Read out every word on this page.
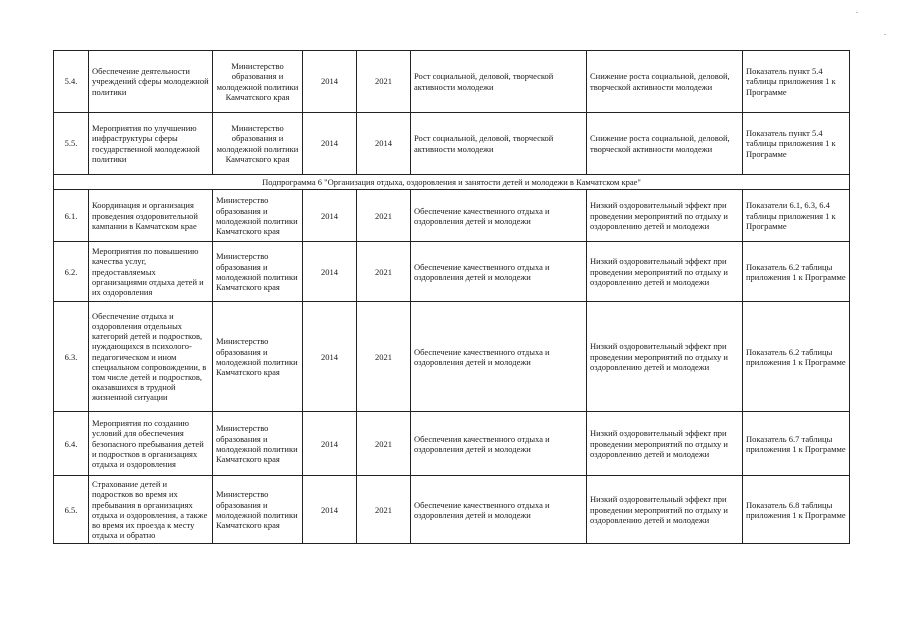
.
.
5.4.	Обеспечение деятельности учреждений сферы молодежной политики	Министерство образования и молодежной политики Камчатского края	2014	2021	Рост социальной, деловой, творческой активности молодежи	Снижение роста социальной, деловой, творческой активности молодежи	Показатель пункт 5.4 таблицы приложения 1 к Программе
5.5.	Мероприятия по улучшению инфраструктуры сферы государственной молодежной политики	Министерство образования и молодежной политики Камчатского края	2014	2014	Рост социальной, деловой, творческой активности молодежи	Снижение роста социальной, деловой, творческой активности молодежи	Показатель пункт 5.4 таблицы приложения 1 к Программе
Подпрограмма 6 "Организация отдыха, оздоровления и занятости детей и молодежи в Камчатском крае"							
6.1.	Координация и организация проведения оздоровительной кампании в Камчатском крае	Министерство образования и молодежной политики Камчатского края	2014	2021	Обеспечение качественного отдыха и оздоровления детей и молодежи	Низкий оздоровительный эффект при проведении мероприятий по отдыху и оздоровлению детей и молодежи	Показатели 6.1, 6.3, 6.4 таблицы приложения 1 к Программе
6.2.	Мероприятия по повышению качества услуг, предоставляемых организациями отдыха детей и их оздоровления	Министерство образования и молодежной политики Камчатского края	2014	2021	Обеспечение качественного отдыха и оздоровления детей и молодежи	Низкий оздоровительный эффект при проведении мероприятий по отдыху и оздоровлению детей и молодежи	Показатель 6.2 таблицы приложения 1 к Программе
6.3.	Обеспечение отдыха и оздоровления отдельных категорий детей и подростков, нуждающихся в психолого-педагогическом и ином специальном сопровождении, в том числе детей и подростков, оказавшихся в трудной жизненной ситуации	Министерство образования и молодежной политики Камчатского края	2014	2021	Обеспечение качественного отдыха и оздоровления детей и молодежи	Низкий оздоровительный эффект при проведении мероприятий по отдыху и оздоровлению детей и молодежи	Показатель 6.2 таблицы приложения 1 к Программе
6.4.	Мероприятия по созданию условий для обеспечения безопасного пребывания детей и подростков в организациях отдыха и оздоровления	Министерство образования и молодежной политики Камчатского края	2014	2021	Обеспечения качественного отдыха и оздоровления детей и молодежи	Низкий оздоровительный эффект при проведении мероприятий по отдыху и оздоровлению детей и молодежи	Показатель 6.7 таблицы приложения 1 к Программе
6.5.	Страхование детей и подростков во время их пребывания в организациях отдыха и оздоровления, а также во время их проезда к месту отдыха и обратно	Министерство образования и молодежной политики Камчатского края	2014	2021	Обеспечение качественного отдыха и оздоровления детей и молодежи	Низкий оздоровительный эффект при проведении мероприятий по отдыху и оздоровлению детей и молодежи	Показатель 6.8 таблицы приложения 1 к Программе
